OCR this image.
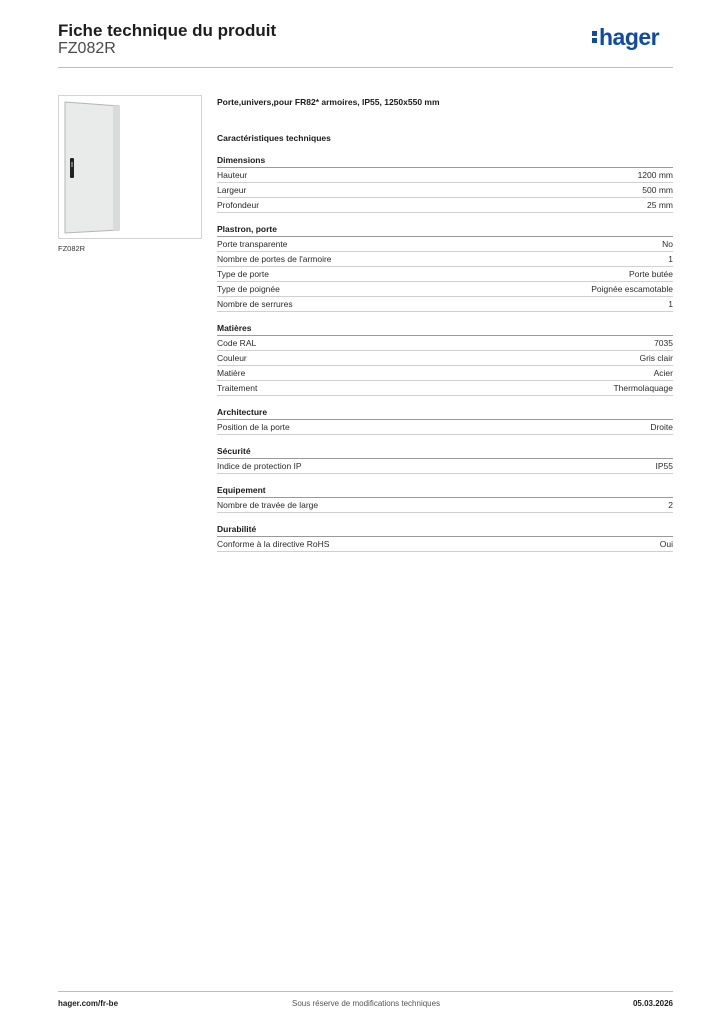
Fiche technique du produit
FZ082R	hager
FZ082R
Porte,univers,pour FR82* armoires, IP55, 1250x550 mm
Caractéristiques techniques
Dimensions
Hauteur	1200 mm
Largeur	500 mm
Profondeur	25 mm
Plastron, porte
Porte transparente	No
Nombre de portes de l'armoire	1
Type de porte	Porte butée
Type de poignée	Poignée escamotable
Nombre de serrures	1
Matières
Code RAL	7035
Couleur	Gris clair
Matière	Acier
Traitement	Thermolaquage
Architecture
Position de la porte	Droite
Sécurité
Indice de protection IP	IP55
Equipement
Nombre de travée de large	2
Durabilité
Conforme à la directive RoHS	Oui
hager.com/fr-be	Sous réserve de modifications techniques	05.03.2026
